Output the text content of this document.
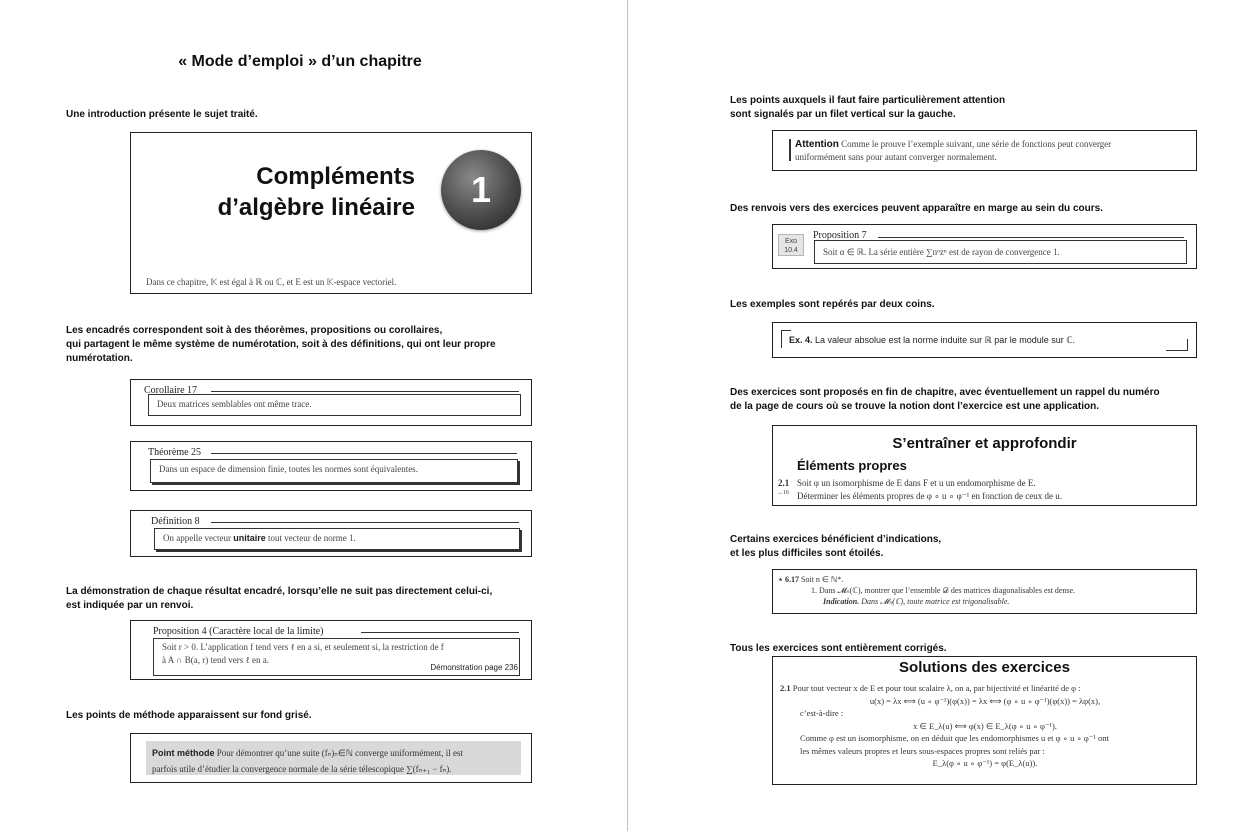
« Mode d’emploi » d’un chapitre
Une introduction présente le sujet traité.
Compléments
d’algèbre linéaire	1
Dans ce chapitre, 𝕂 est égal à ℝ ou ℂ, et E est un 𝕂-espace vectoriel.
Les encadrés correspondent soit à des théorèmes, propositions ou corollaires,
qui partagent le même système de numérotation, soit à des définitions, qui ont leur propre
numérotation.
Corollaire 17
Deux matrices semblables ont même trace.
Théorème 25
Dans un espace de dimension finie, toutes les normes sont équivalentes.
Définition 8
On appelle vecteur unitaire tout vecteur de norme 1.
La démonstration de chaque résultat encadré, lorsqu’elle ne suit pas directement celui-ci,
est indiquée par un renvoi.
Proposition 4 (Caractère local de la limite)
Soit r > 0. L’application f tend vers ℓ en a si, et seulement si, la restriction de f
à A ∩ B(a, r) tend vers ℓ en a.
Démonstration page 236
Les points de méthode apparaissent sur fond grisé.
Point méthode Pour démontrer qu’une suite (fₙ)ₙ∈ℕ converge uniformément, il est
parfois utile d’étudier la convergence normale de la série télescopique ∑(fₙ₊₁ − fₙ).
Les points auxquels il faut faire particulièrement attention
sont signalés par un filet vertical sur la gauche.
Attention Comme le prouve l’exemple suivant, une série de fonctions peut converger
uniformément sans pour autant converger normalement.
Des renvois vers des exercices peuvent apparaître en marge au sein du cours.
Exo
10.4
Proposition 7
Soit α ∈ ℝ. La série entière ∑nᵅzⁿ est de rayon de convergence 1.
Les exemples sont repérés par deux coins.
Ex. 4. La valeur absolue est la norme induite sur ℝ par le module sur ℂ.
Des exercices sont proposés en fin de chapitre, avec éventuellement un rappel du numéro
de la page de cours où se trouve la notion dont l’exercice est une application.
S’entraîner et approfondir
Éléments propres
2.1
→16
Soit φ un isomorphisme de E dans F et u un endomorphisme de E.
Déterminer les éléments propres de φ ∘ u ∘ φ⁻¹ en fonction de ceux de u.
Certains exercices bénéficient d’indications,
et les plus difficiles sont étoilés.
⋆ 6.17 Soit n ∈ ℕ*.
1. Dans 𝓜ₙ(ℂ), montrer que l’ensemble 𝒟 des matrices diagonalisables est dense.
Indication. Dans 𝓜ₙ(ℂ), toute matrice est trigonalisable.
Tous les exercices sont entièrement corrigés.
Solutions des exercices
2.1 Pour tout vecteur x de E et pour tout scalaire λ, on a, par bijectivité et linéarité de φ :
u(x) = λx ⟺ (u ∘ φ⁻¹)(φ(x)) = λx ⟺ (φ ∘ u ∘ φ⁻¹)(φ(x)) = λφ(x),
c’est-à-dire :
x ∈ E_λ(u) ⟺ φ(x) ∈ E_λ(φ ∘ u ∘ φ⁻¹).
Comme φ est un isomorphisme, on en déduit que les endomorphismes u et φ ∘ u ∘ φ⁻¹ ont
les mêmes valeurs propres et leurs sous-espaces propres sont reliés par :
E_λ(φ ∘ u ∘ φ⁻¹) = φ(E_λ(u)).
